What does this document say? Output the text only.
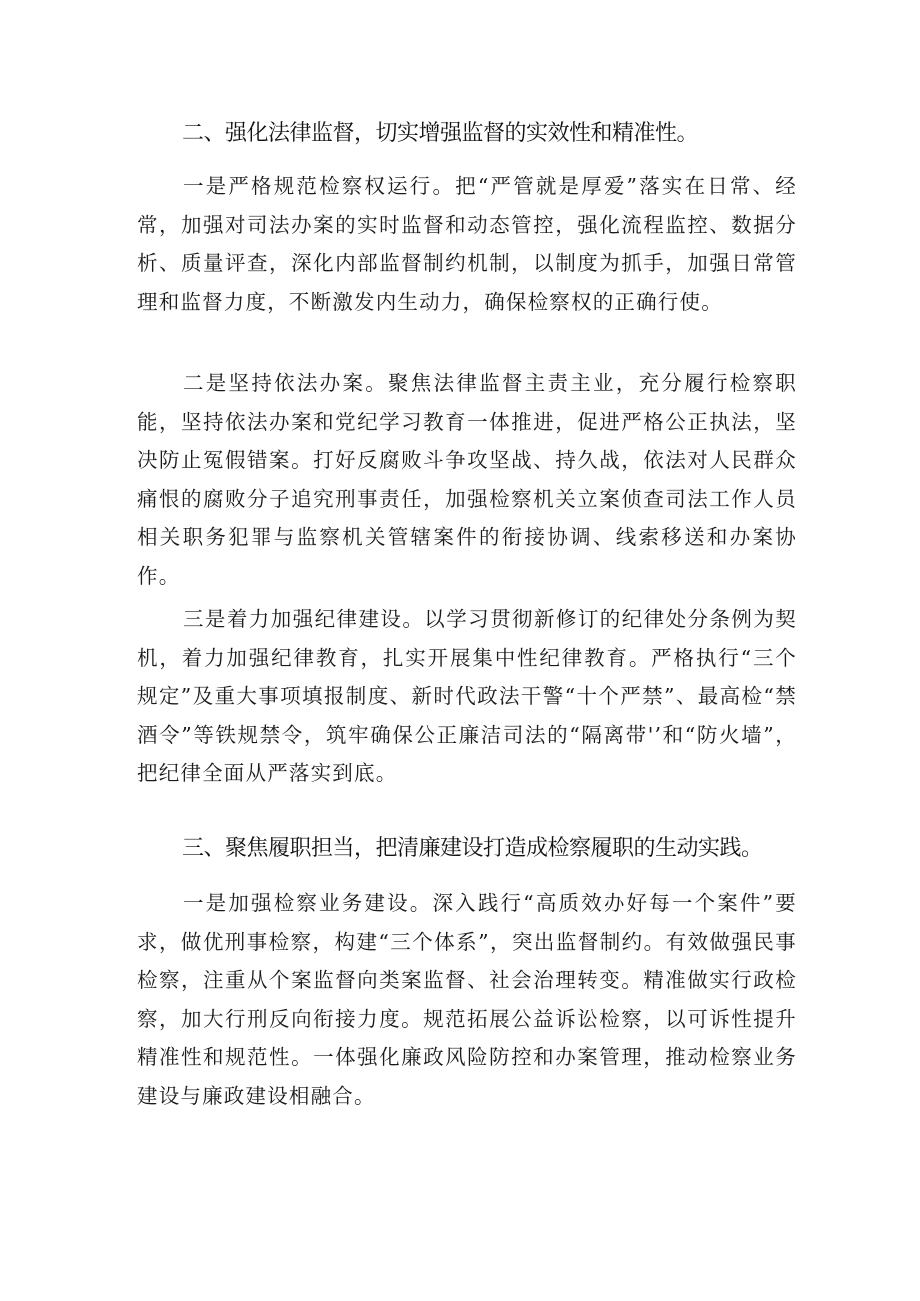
二、强化法律监督，切实增强监督的实效性和精准性。

一是严格规范检察权运行。把“严管就是厚爱”落实在日常、经常，加强对司法办案的实时监督和动态管控，强化流程监控、数据分析、质量评查，深化内部监督制约机制，以制度为抓手，加强日常管理和监督力度，不断激发内生动力，确保检察权的正确行使。

二是坚持依法办案。聚焦法律监督主责主业，充分履行检察职能，坚持依法办案和党纪学习教育一体推进，促进严格公正执法，坚决防止冤假错案。打好反腐败斗争攻坚战、持久战，依法对人民群众痛恨的腐败分子追究刑事责任，加强检察机关立案侦查司法工作人员相关职务犯罪与监察机关管辖案件的衔接协调、线索移送和办案协作。

三是着力加强纪律建设。以学习贯彻新修订的纪律处分条例为契机，着力加强纪律教育，扎实开展集中性纪律教育。严格执行“三个规定”及重大事项填报制度、新时代政法干警“十个严禁”、最高检“禁酒令”等铁规禁令，筑牢确保公正廉洁司法的“隔离带'’和“防火墙”，把纪律全面从严落实到底。

三、聚焦履职担当，把清廉建设打造成检察履职的生动实践。

一是加强检察业务建设。深入践行“高质效办好每一个案件”要求，做优刑事检察，构建“三个体系”，突出监督制约。有效做强民事检察，注重从个案监督向类案监督、社会治理转变。精准做实行政检察，加大行刑反向衔接力度。规范拓展公益诉讼检察，以可诉性提升精准性和规范性。一体强化廉政风险防控和办案管理，推动检察业务建设与廉政建设相融合。
